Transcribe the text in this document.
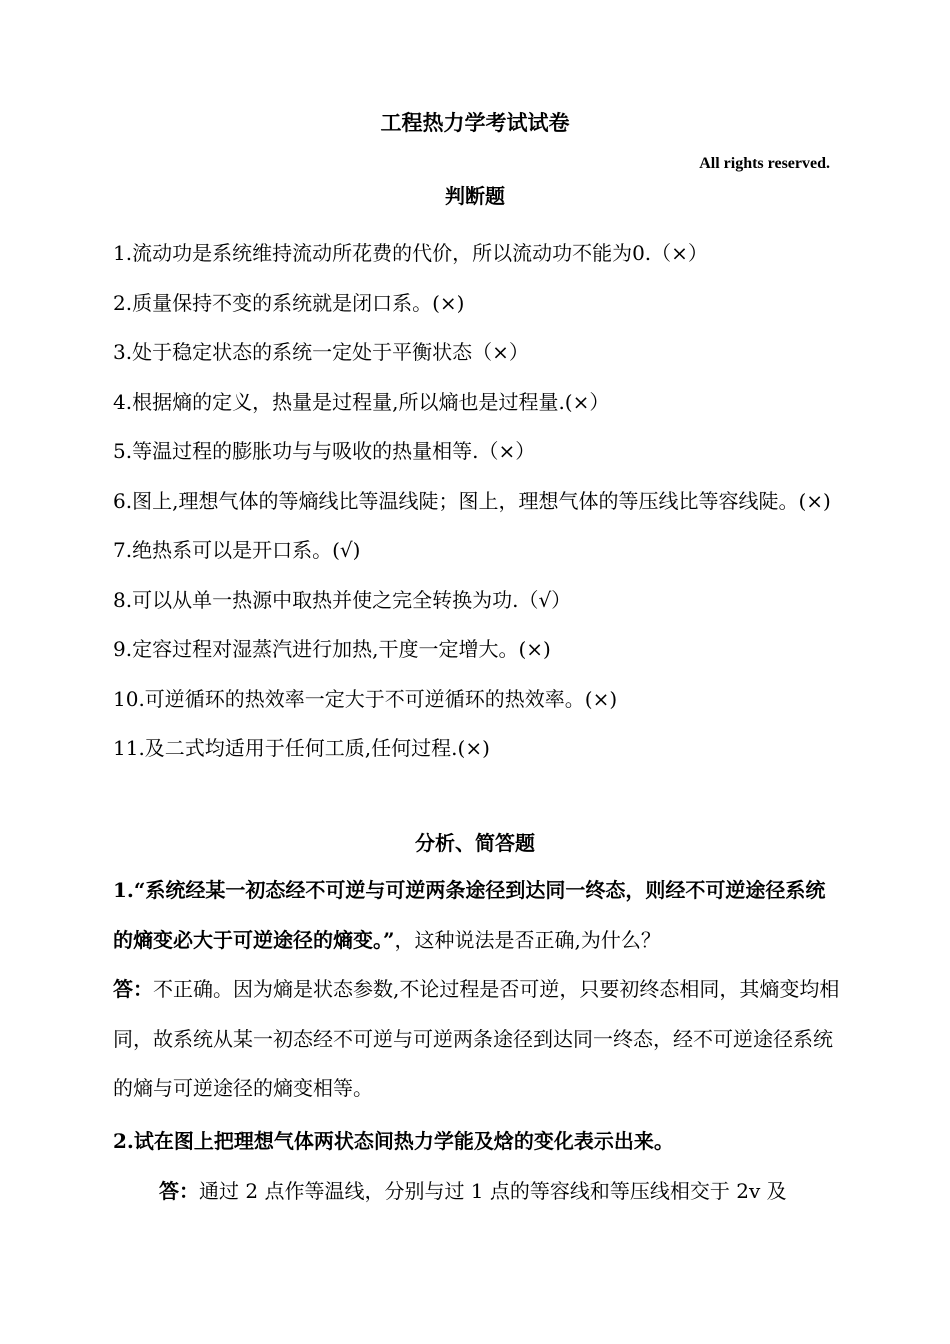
工程热力学考试试卷
All rights reserved.
判断题

1.流动功是系统维持流动所花费的代价，所以流动功不能为0.（×）

2.质量保持不变的系统就是闭口系。(×)

3.处于稳定状态的系统一定处于平衡状态（×）

4.根据熵的定义，热量是过程量,所以熵也是过程量.(×）

5.等温过程的膨胀功与与吸收的热量相等.（×）

6.图上,理想气体的等熵线比等温线陡；图上，理想气体的等压线比等容线陡。(×)

7.绝热系可以是开口系。(√)

8.可以从单一热源中取热并使之完全转换为功.（√）

9.定容过程对湿蒸汽进行加热,干度一定增大。(×)

10.可逆循环的热效率一定大于不可逆循环的热效率。(×)

11.及二式均适用于任何工质,任何过程.(×)

分析、简答题

1.“系统经某一初态经不可逆与可逆两条途径到达同一终态，则经不可逆途径系统的熵变必大于可逆途径的熵变。”，这种说法是否正确,为什么？

答：不正确。因为熵是状态参数,不论过程是否可逆，只要初终态相同，其熵变均相同，故系统从某一初态经不可逆与可逆两条途径到达同一终态，经不可逆途径系统的熵与可逆途径的熵变相等。

2.试在图上把理想气体两状态间热力学能及焓的变化表示出来。

答：通过 2 点作等温线，分别与过 1 点的等容线和等压线相交于 2v 及
